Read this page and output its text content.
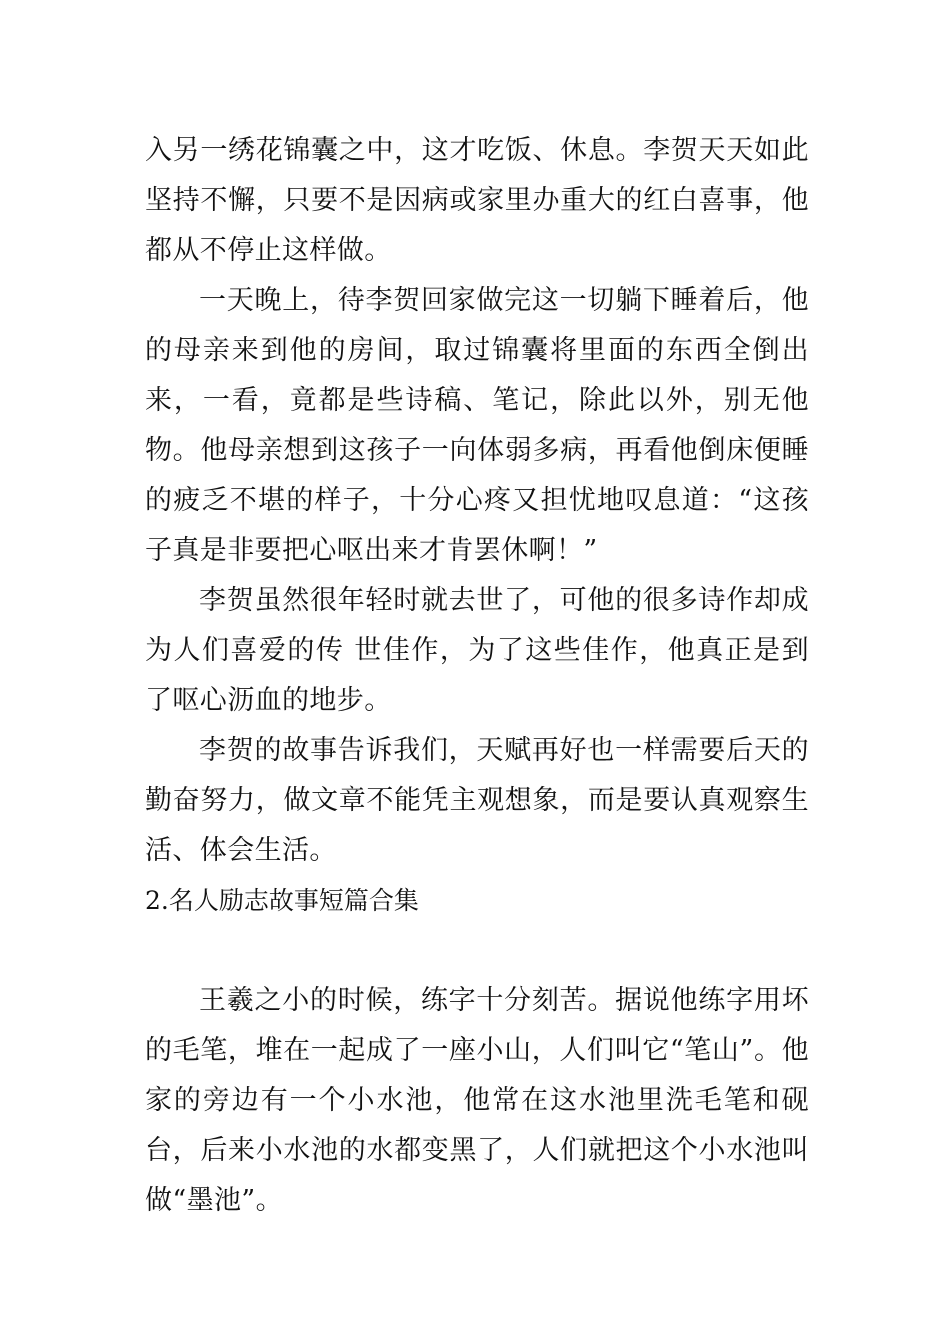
入另一绣花锦囊之中，这才吃饭、休息。李贺天天如此坚持不懈，只要不是因病或家里办重大的红白喜事，他都从不停止这样做。

一天晚上，待李贺回家做完这一切躺下睡着后，他的母亲来到他的房间，取过锦囊将里面的东西全倒出来，一看，竟都是些诗稿、笔记，除此以外，别无他物。他母亲想到这孩子一向体弱多病，再看他倒床便睡的疲乏不堪的样子，十分心疼又担忧地叹息道：“这孩子真是非要把心呕出来才肯罢休啊！”

李贺虽然很年轻时就去世了，可他的很多诗作却成为人们喜爱的传 世佳作，为了这些佳作，他真正是到了呕心沥血的地步。

李贺的故事告诉我们，天赋再好也一样需要后天的勤奋努力，做文章不能凭主观想象，而是要认真观察生活、体会生活。

2.名人励志故事短篇合集

王羲之小的时候，练字十分刻苦。据说他练字用坏的毛笔，堆在一起成了一座小山，人们叫它“笔山”。他家的旁边有一个小水池，他常在这水池里洗毛笔和砚台，后来小水池的水都变黑了，人们就把这个小水池叫做“墨池”。
